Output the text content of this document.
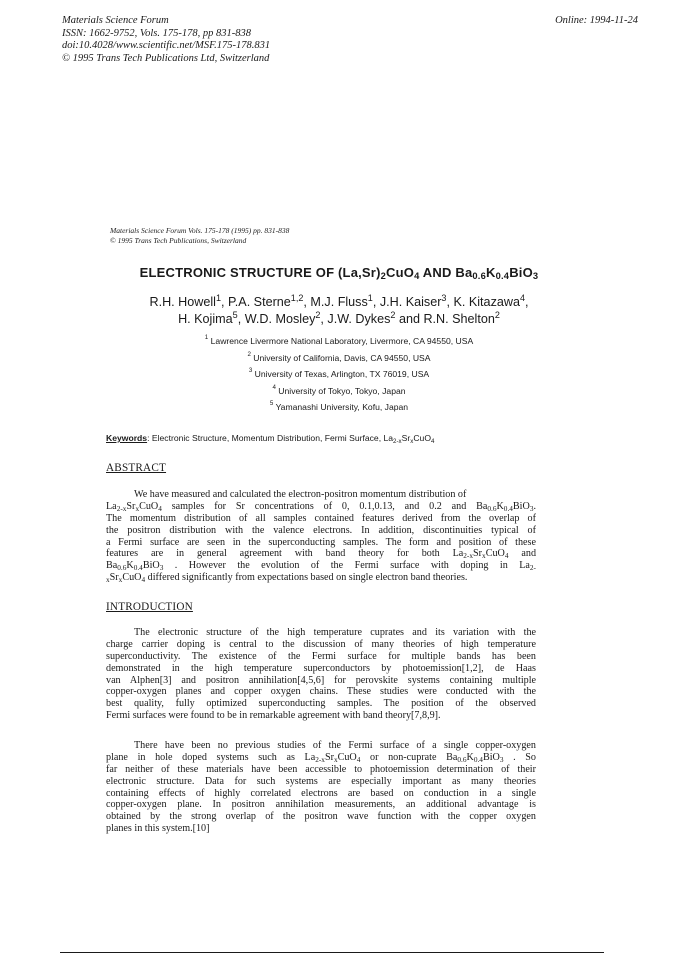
Materials Science Forum
ISSN: 1662-9752, Vols. 175-178, pp 831-838
doi:10.4028/www.scientific.net/MSF.175-178.831
© 1995 Trans Tech Publications Ltd, Switzerland
Online: 1994-11-24
Materials Science Forum Vols. 175-178 (1995) pp. 831-838
© 1995 Trans Tech Publications, Switzerland
ELECTRONIC STRUCTURE OF $(La,Sr)_2CuO_4$ AND $Ba_{0.6}K_{0.4}BiO_3$
R.H. Howell$^1$, P.A. Sterne$^{1,2}$, M.J. Fluss$^1$, J.H. Kaiser$^3$, K. Kitazawa$^4$,
H. Kojima$^5$, W.D. Mosley$^2$, J.W. Dykes$^2$ and R.N. Shelton$^2$
$^1$ Lawrence Livermore National Laboratory, Livermore, CA 94550, USA
$^2$ University of California, Davis, CA 94550, USA
$^3$ University of Texas, Arlington, TX 76019, USA
$^4$ University of Tokyo, Tokyo, Japan
$^5$ Yamanashi University, Kofu, Japan
Keywords: Electronic Structure, Momentum Distribution, Fermi Surface, $La_{2-x}Sr_xCuO_4$
ABSTRACT
We have measured and calculated the electron-positron momentum distribution of
$La_{2-x}Sr_xCuO_4$ samples for Sr concentrations of 0, 0.1,0.13, and 0.2 and $Ba_{0.6}K_{0.4}BiO_3$.
The momentum distribution of all samples contained features derived from the overlap of
the positron distribution with the valence electrons. In addition, discontinuities typical of
a Fermi surface are seen in the superconducting samples. The form and position of these
features are in general agreement with band theory for both $La_{2-x}Sr_xCuO_4$ and
$Ba_{0.6}K_{0.4}BiO_3$ . However the evolution of the Fermi surface with doping in $La_{2-}$
$_xSr_xCuO_4$ differed significantly from expectations based on single electron band theories.
INTRODUCTION
The electronic structure of the high temperature cuprates and its variation with the
charge carrier doping is central to the discussion of many theories of high temperature
superconductivity. The existence of the Fermi surface for multiple bands has been
demonstrated in the high temperature superconductors by photoemission[1,2], de Haas
van Alphen[3] and positron annihilation[4,5,6] for perovskite systems containing multiple
copper-oxygen planes and copper oxygen chains. These studies were conducted with the
best quality, fully optimized superconducting samples. The position of the observed
Fermi surfaces were found to be in remarkable agreement with band theory[7,8,9].
There have been no previous studies of the Fermi surface of a single copper-oxygen
plane in hole doped systems such as $La_{2-x}Sr_xCuO_4$ or non-cuprate $Ba_{0.6}K_{0.4}BiO_3$ . So
far neither of these materials have been accessible to photoemission determination of their
electronic structure. Data for such systems are especially important as many theories
containing effects of highly correlated electrons are based on conduction in a single
copper-oxygen plane. In positron annihilation measurements, an additional advantage is
obtained by the strong overlap of the positron wave function with the copper oxygen
planes in this system.[10]
